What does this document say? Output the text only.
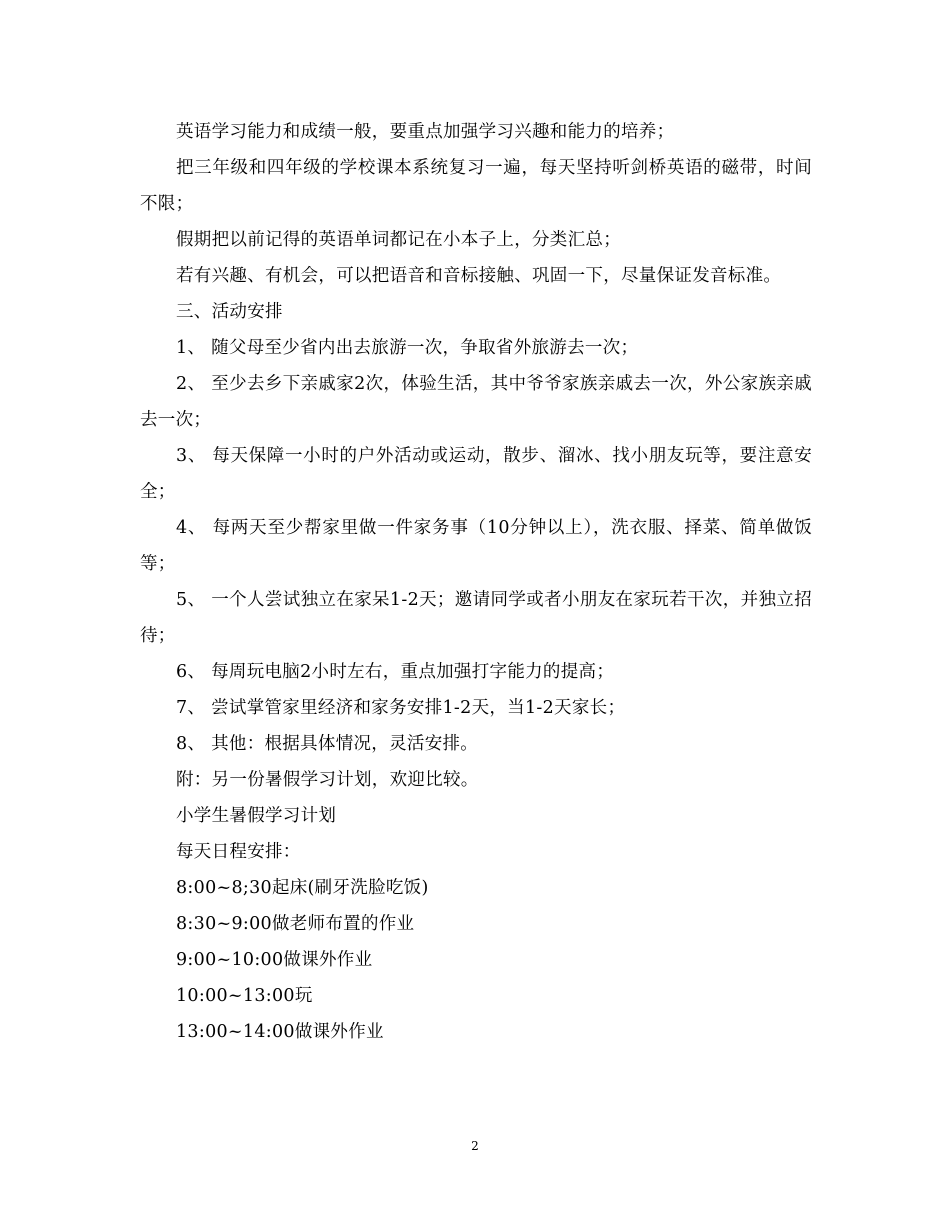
英语学习能力和成绩一般，要重点加强学习兴趣和能力的培养；

把三年级和四年级的学校课本系统复习一遍，每天坚持听剑桥英语的磁带，时间不限；

假期把以前记得的英语单词都记在小本子上，分类汇总；

若有兴趣、有机会，可以把语音和音标接触、巩固一下，尽量保证发音标准。

三、活动安排

1、 随父母至少省内出去旅游一次，争取省外旅游去一次；

2、 至少去乡下亲戚家2次，体验生活，其中爷爷家族亲戚去一次，外公家族亲戚去一次；

3、 每天保障一小时的户外活动或运动，散步、溜冰、找小朋友玩等，要注意安全；

4、 每两天至少帮家里做一件家务事（10分钟以上），洗衣服、择菜、简单做饭等；

5、 一个人尝试独立在家呆1-2天；邀请同学或者小朋友在家玩若干次，并独立招待；

6、 每周玩电脑2小时左右，重点加强打字能力的提高；

7、 尝试掌管家里经济和家务安排1-2天，当1-2天家长；

8、 其他：根据具体情况，灵活安排。

附：另一份暑假学习计划，欢迎比较。

小学生暑假学习计划

每天日程安排：

8:00~8;30起床(刷牙洗脸吃饭)

8:30~9:00做老师布置的作业

9:00~10:00做课外作业

10:00~13:00玩

13:00~14:00做课外作业

2
